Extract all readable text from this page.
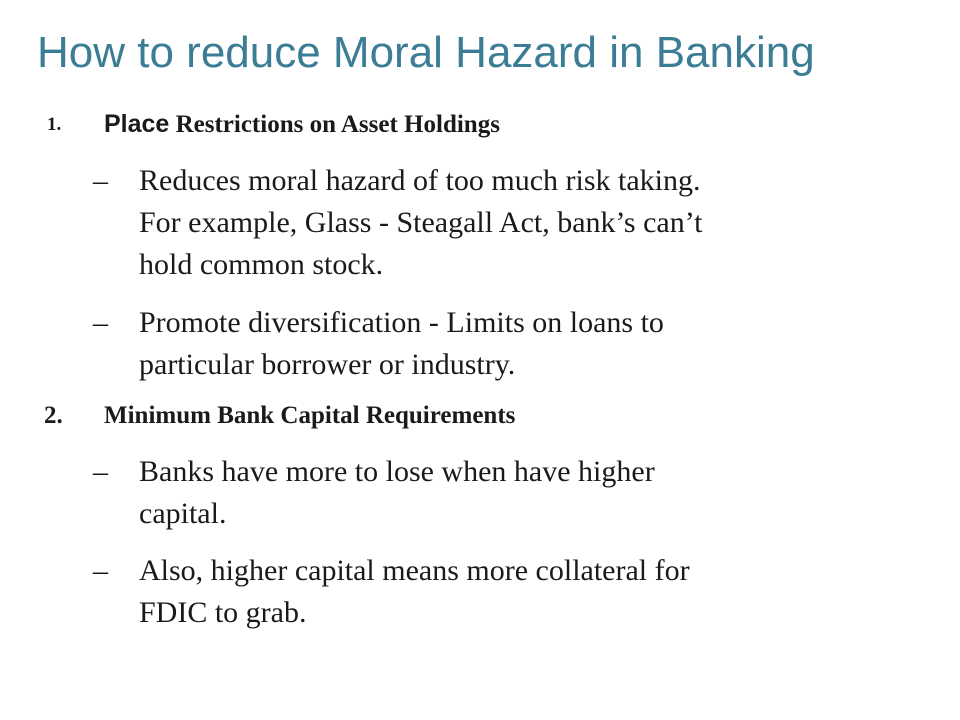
How to reduce Moral Hazard in Banking
1. Place Restrictions on Asset Holdings
– Reduces moral hazard of too much risk taking.
For example, Glass - Steagall Act, bank’s can’t
hold common stock.
– Promote diversification - Limits on loans to
particular borrower or industry.
2. Minimum Bank Capital Requirements
– Banks have more to lose when have higher
capital.
– Also, higher capital means more collateral for
FDIC to grab.
